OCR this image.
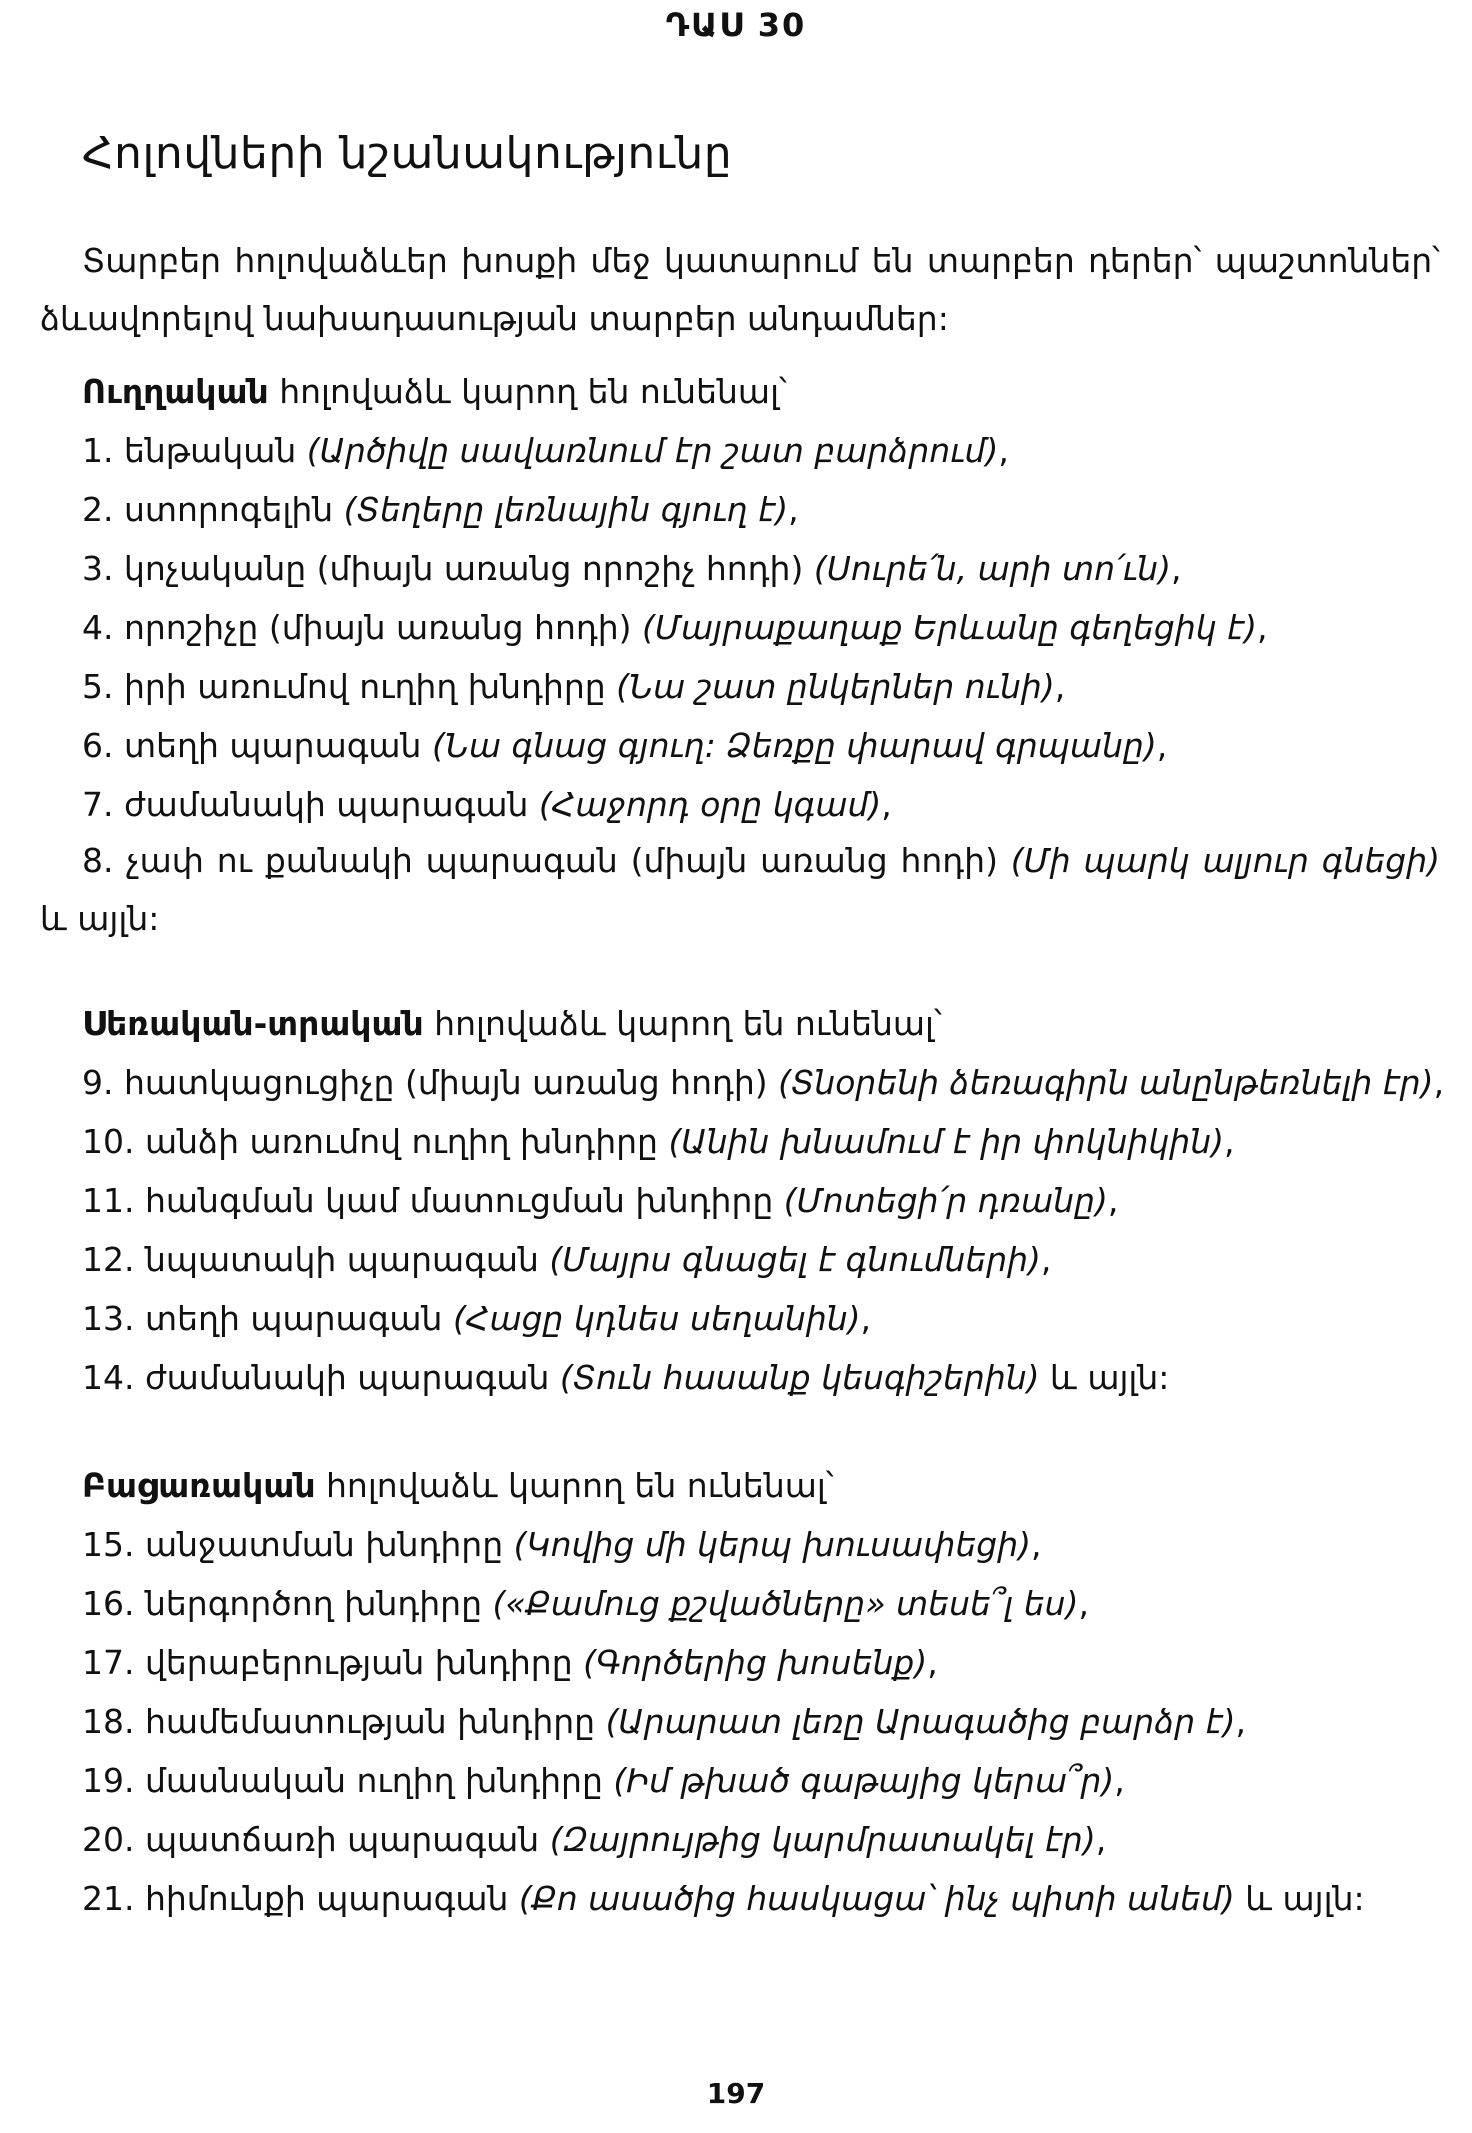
ԴԱՍ 30
Հոլովների նշանակությունը

Տարբեր հոլովաձևեր խոսքի մեջ կատարում են տարբեր դերեր՝ պաշտոններ՝ ձևավորելով նախադասության տարբեր անդամներ:

Ուղղական հոլովաձև կարող են ունենալ՝

1. ենթական (Արծիվը սավառնում էր շատ բարձրում),

2. ստորոգելին (Տեղերը լեռնային գյուղ է),

3. կոչականը (միայն առանց որոշիչ հոդի) (Սուրե՛ն, արի տո՛ւն),

4. որոշիչը (միայն առանց հոդի) (Մայրաքաղաք Երևանը գեղեցիկ է),

5. իրի առումով ուղիղ խնդիրը (Նա շատ ընկերներ ունի),

6. տեղի պարագան (Նա գնաց գյուղ: Ձեռքը փարավ գրպանը),

7. ժամանակի պարագան (Հաջորդ օրը կգամ),

8. չափ ու քանակի պարագան (միայն առանց հոդի) (Մի պարկ ալյուր գնեցի) և այլն:

Սեռական-տրական հոլովաձև կարող են ունենալ՝

9. հատկացուցիչը (միայն առանց հոդի) (Տնօրենի ձեռագիրն անընթեռնելի էր),

10. անձի առումով ուղիղ խնդիրը (Անին խնամում է իր փոկնիկին),

11. հանգման կամ մատուցման խնդիրը (Մոտեցի՛ր դռանը),

12. նպատակի պարագան (Մայրս գնացել է գնումների),

13. տեղի պարագան (Հացը կդնես սեղանին),

14. ժամանակի պարագան (Տուն հասանք կեսգիշերին) և այլն:

Բացառական հոլովաձև կարող են ունենալ՝

15. անջատման խնդիրը (Կովից մի կերպ խուսափեցի),

16. ներգործող խնդիրը («Քամուց քշվածները» տեսե՞լ ես),

17. վերաբերության խնդիրը (Գործերից խոսենք),

18. համեմատության խնդիրը (Արարատ լեռը Արագածից բարձր է),

19. մասնական ուղիղ խնդիրը (Իմ թխած գաթայից կերա՞ր),

20. պատճառի պարագան (Զայրույթից կարմրատակել էր),

21. հիմունքի պարագան (Քո ասածից հասկացա՝ ինչ պիտի անեմ) և այլն:

197
